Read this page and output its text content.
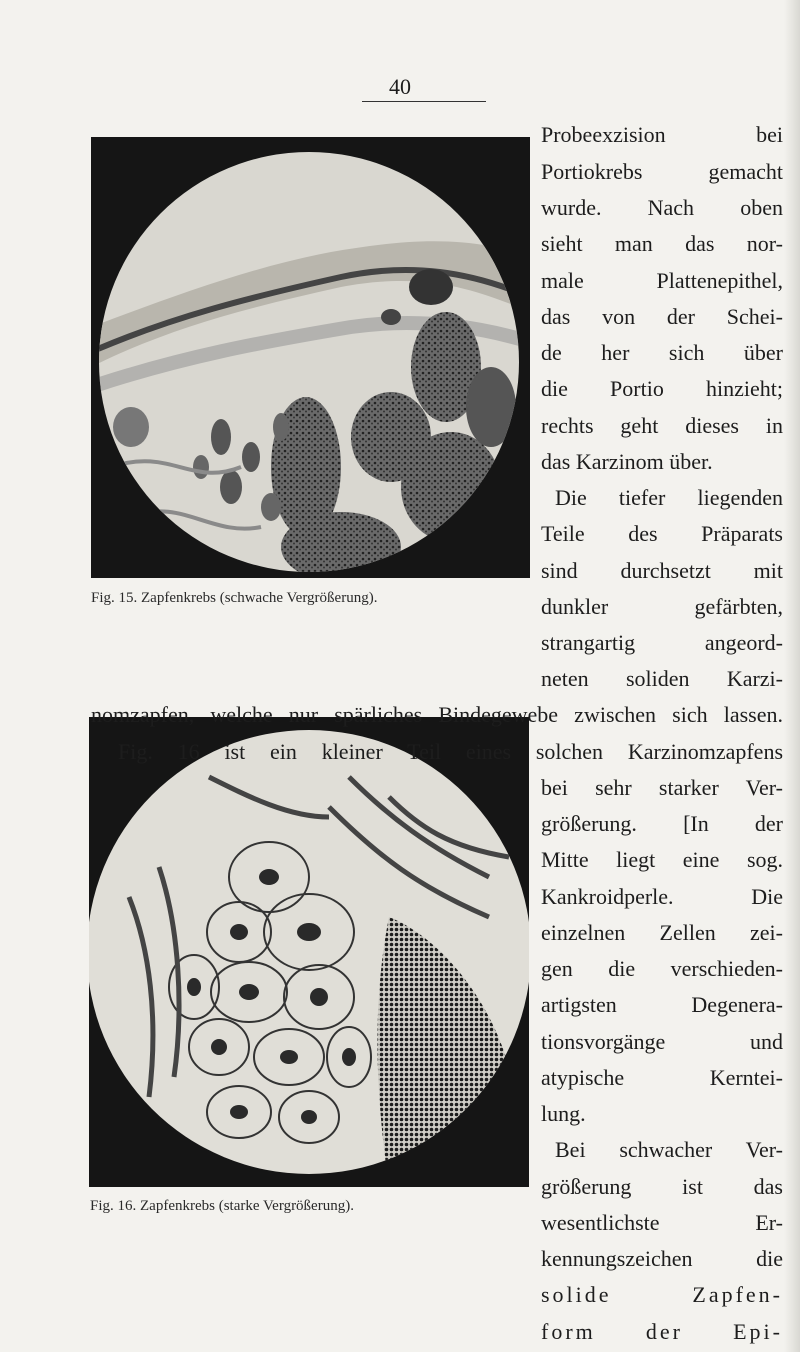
40
Fig. 15. Zapfenkrebs (schwache Vergrößerung).
Fig. 16. Zapfenkrebs (starke Vergrößerung).
Probeexzision bei
Portiokrebs gemacht
wurde. Nach oben
sieht man das nor-
male Plattenepithel,
das von der Schei-
de her sich über
die Portio hinzieht;
rechts geht dieses in
das Karzinom über.
Die tiefer liegenden
Teile des Präparats
sind durchsetzt mit
dunkler gefärbten,
strangartig angeord-
neten soliden Karzi-
nomzapfen, welche nur spärliches Bindegewebe zwischen sich lassen.
Fig. 16 ist ein kleiner Teil eines solchen Karzinomzapfens
bei sehr starker Ver-
größerung. [In der
Mitte liegt eine sog.
Kankroidperle. Die
einzelnen Zellen zei-
gen die verschieden-
artigsten Degenera-
tionsvorgänge und
atypische Kerntei-
lung.
Bei schwacher Ver-
größerung ist das
wesentlichste Er-
kennungszeichen die
solide Zapfen-
form der Epi-
